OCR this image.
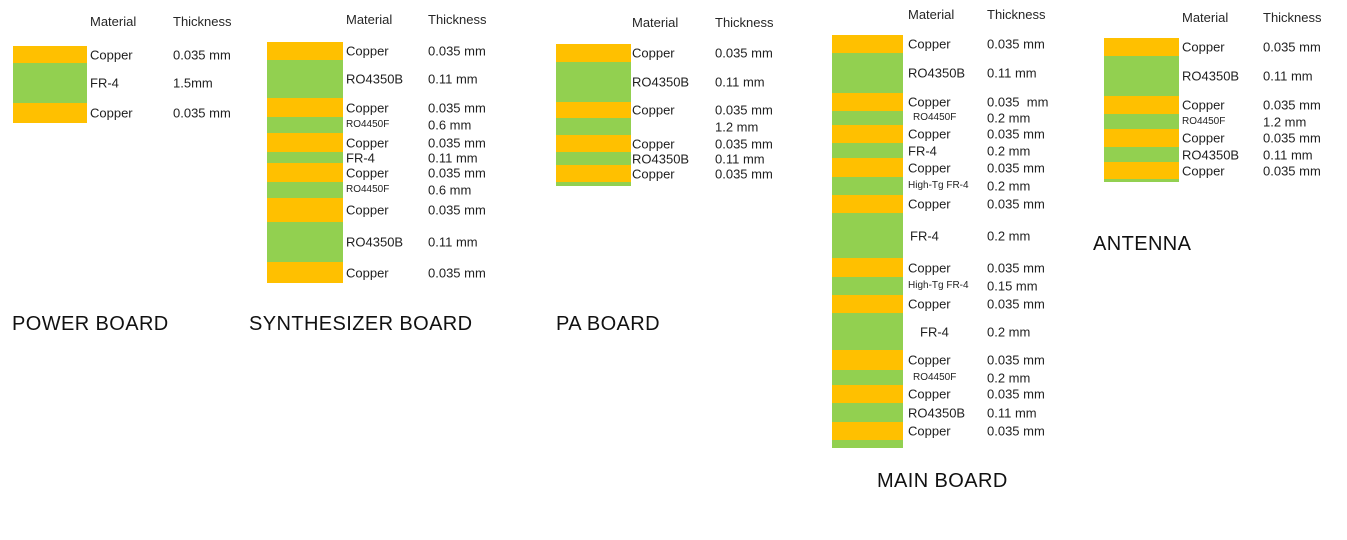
Material	Thickness
Copper	0.035 mm
FR-4	1.5mm
Copper	0.035 mm
POWER BOARD
Material	Thickness
Copper	0.035 mm
RO4350B 0.11 mm
Copper	0.035 mm
RO4450F	0.6 mm
Copper	0.035 mm
FR-4	0.11 mm
Copper	0.035 mm
RO4450F	0.6 mm
Copper	0.035 mm
RO4350B 0.11 mm
Copper	0.035 mm
SYNTHESIZER BOARD
Material	Thickness
Copper	0.035 mm
RO4350B 0.11 mm
Copper	0.035 mm
1.2 mm
Copper	0.035 mm
RO4350B 0.11 mm
Copper	0.035 mm
PA BOARD
Material	Thickness
Copper	0.035 mm
RO4350B 0.11 mm
Copper	0.035  mm
RO4450F 0.2 mm
Copper	0.035 mm
FR-4	0.2 mm
Copper	0.035 mm
High-Tg FR-4 0.2 mm
Copper	0.035 mm
FR-4	0.2 mm
Copper	0.035 mm
High-Tg FR-4 0.15 mm
Copper	0.035 mm
FR-4	0.2 mm
Copper	0.035 mm
RO4450F 0.2 mm
Copper	0.035 mm
RO4350B 0.11 mm
Copper	0.035 mm
MAIN BOARD
Material	Thickness
Copper	0.035 mm
RO4350B 0.11 mm
Copper	0.035 mm
RO4450F	1.2 mm
Copper	0.035 mm
RO4350B 0.11 mm
Copper	0.035 mm
ANTENNA
